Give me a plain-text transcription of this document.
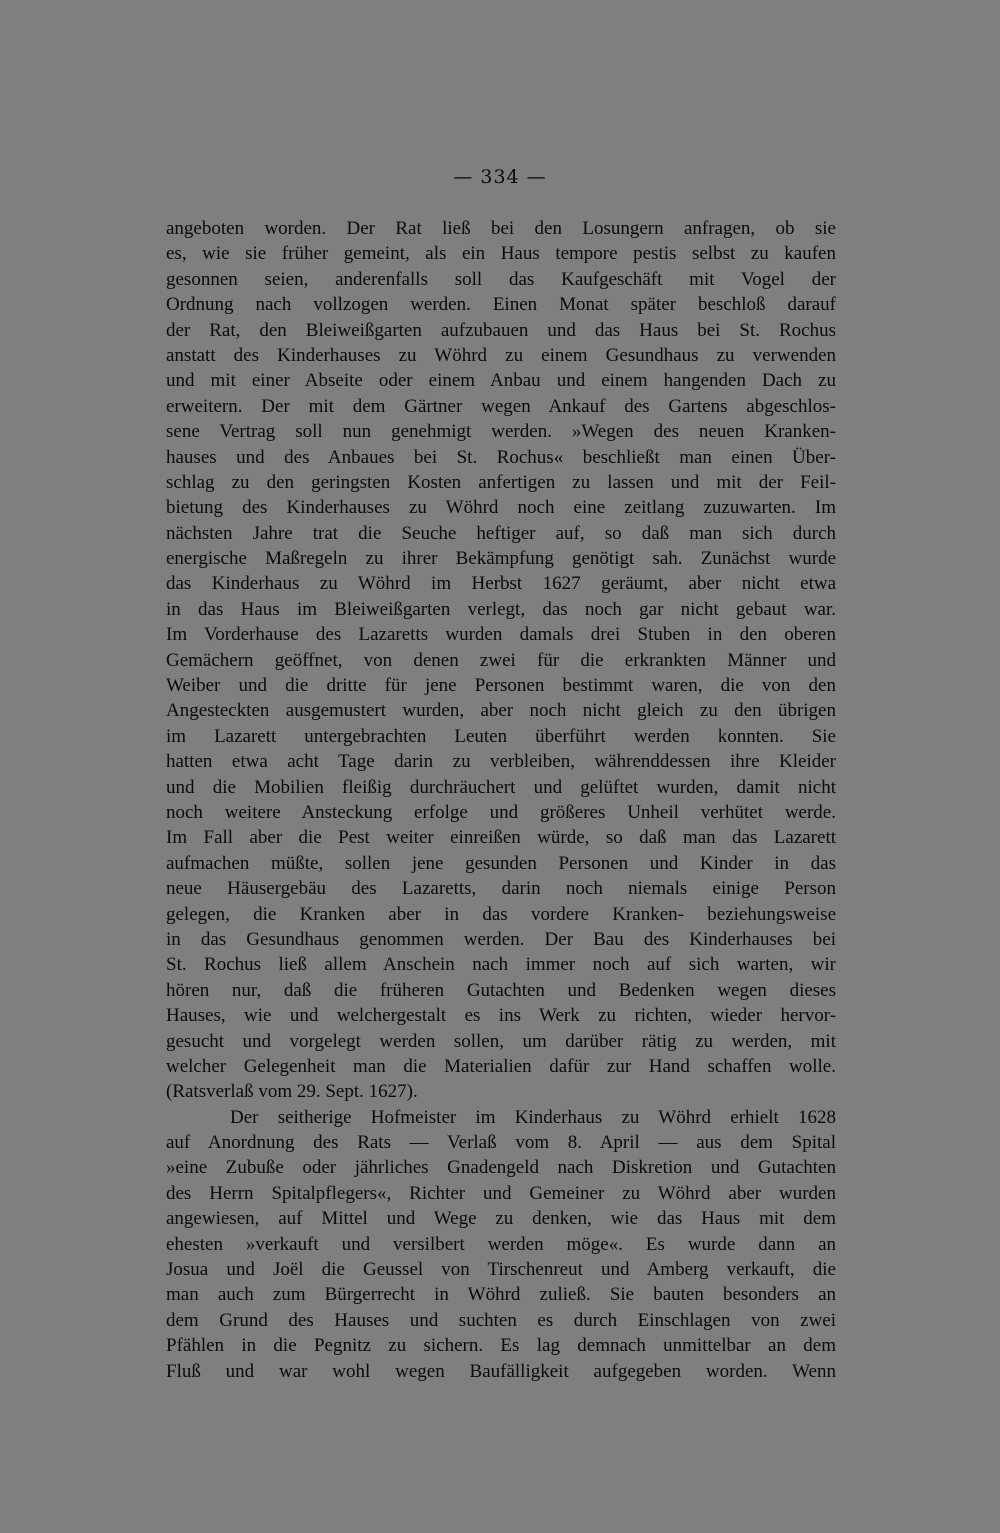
— 334 —
angeboten worden. Der Rat ließ bei den Losungern anfragen, ob sie
es, wie sie früher gemeint, als ein Haus tempore pestis selbst zu kaufen
gesonnen seien, anderenfalls soll das Kaufgeschäft mit Vogel der
Ordnung nach vollzogen werden. Einen Monat später beschloß darauf
der Rat, den Bleiweißgarten aufzubauen und das Haus bei St. Rochus
anstatt des Kinderhauses zu Wöhrd zu einem Gesundhaus zu verwenden
und mit einer Abseite oder einem Anbau und einem hangenden Dach zu
erweitern. Der mit dem Gärtner wegen Ankauf des Gartens abgeschlos-
sene Vertrag soll nun genehmigt werden. »Wegen des neuen Kranken-
hauses und des Anbaues bei St. Rochus« beschließt man einen Über-
schlag zu den geringsten Kosten anfertigen zu lassen und mit der Feil-
bietung des Kinderhauses zu Wöhrd noch eine zeitlang zuzuwarten. Im
nächsten Jahre trat die Seuche heftiger auf, so daß man sich durch
energische Maßregeln zu ihrer Bekämpfung genötigt sah. Zunächst wurde
das Kinderhaus zu Wöhrd im Herbst 1627 geräumt, aber nicht etwa
in das Haus im Bleiweißgarten verlegt, das noch gar nicht gebaut war.
Im Vorderhause des Lazaretts wurden damals drei Stuben in den oberen
Gemächern geöffnet, von denen zwei für die erkrankten Männer und
Weiber und die dritte für jene Personen bestimmt waren, die von den
Angesteckten ausgemustert wurden, aber noch nicht gleich zu den übrigen
im Lazarett untergebrachten Leuten überführt werden konnten. Sie
hatten etwa acht Tage darin zu verbleiben, währenddessen ihre Kleider
und die Mobilien fleißig durchräuchert und gelüftet wurden, damit nicht
noch weitere Ansteckung erfolge und größeres Unheil verhütet werde.
Im Fall aber die Pest weiter einreißen würde, so daß man das Lazarett
aufmachen müßte, sollen jene gesunden Personen und Kinder in das
neue Häusergebäu des Lazaretts, darin noch niemals einige Person
gelegen, die Kranken aber in das vordere Kranken- beziehungsweise
in das Gesundhaus genommen werden. Der Bau des Kinderhauses bei
St. Rochus ließ allem Anschein nach immer noch auf sich warten, wir
hören nur, daß die früheren Gutachten und Bedenken wegen dieses
Hauses, wie und welchergestalt es ins Werk zu richten, wieder hervor-
gesucht und vorgelegt werden sollen, um darüber rätig zu werden, mit
welcher Gelegenheit man die Materialien dafür zur Hand schaffen wolle.
(Ratsverlaß vom 29. Sept. 1627).
Der seitherige Hofmeister im Kinderhaus zu Wöhrd erhielt 1628
auf Anordnung des Rats — Verlaß vom 8. April — aus dem Spital
»eine Zubuße oder jährliches Gnadengeld nach Diskretion und Gutachten
des Herrn Spitalpflegers«, Richter und Gemeiner zu Wöhrd aber wurden
angewiesen, auf Mittel und Wege zu denken, wie das Haus mit dem
ehesten »verkauft und versilbert werden möge«. Es wurde dann an
Josua und Joël die Geussel von Tirschenreut und Amberg verkauft, die
man auch zum Bürgerrecht in Wöhrd zuließ. Sie bauten besonders an
dem Grund des Hauses und suchten es durch Einschlagen von zwei
Pfählen in die Pegnitz zu sichern. Es lag demnach unmittelbar an dem
Fluß und war wohl wegen Baufälligkeit aufgegeben worden. Wenn
